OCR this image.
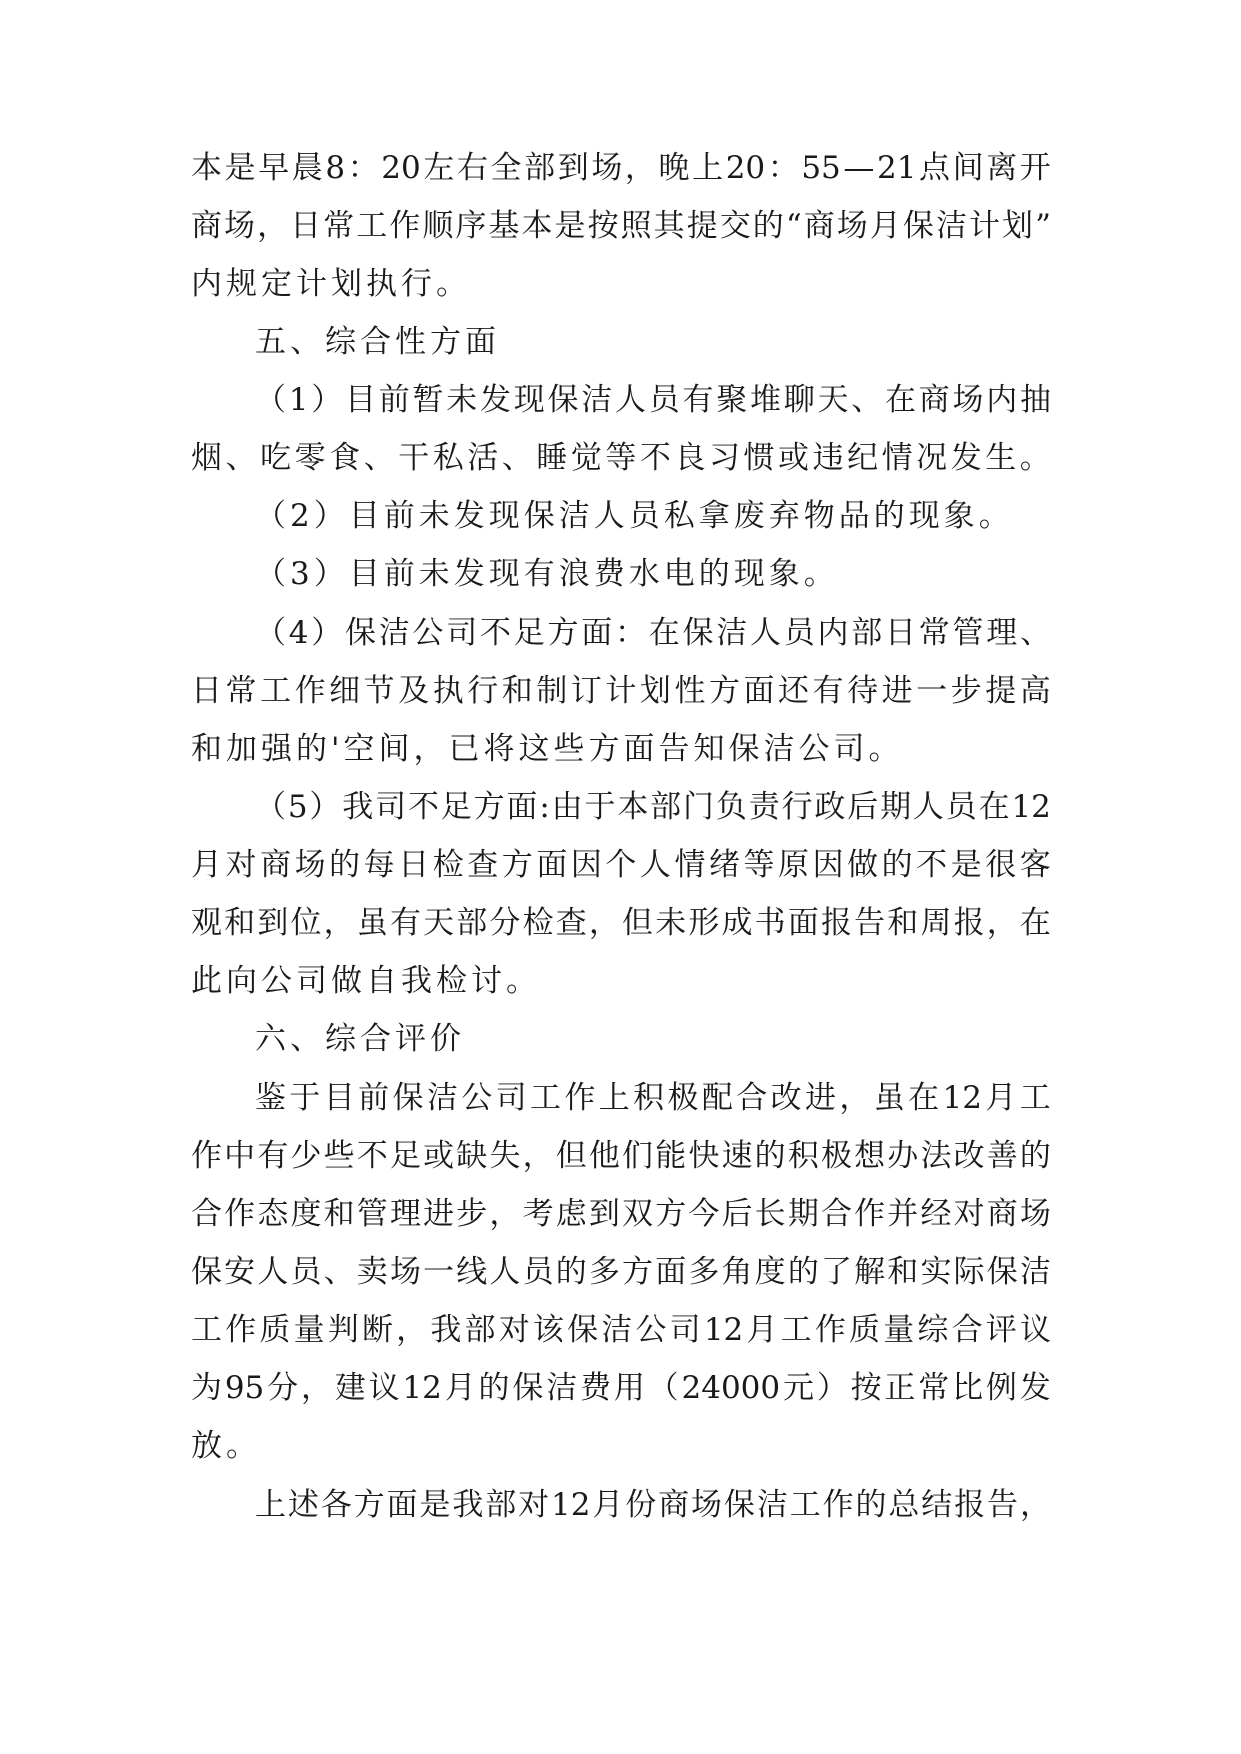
本 是 早 晨 8 ： 20 左 右 全 部 到 场 ， 晚 上 20 ： 55 — 21 点 间 离 开
商 场 ， 日 常 工 作 顺 序 基 本 是 按 照 其 提 交 的 “ 商 场 月 保 洁 计 划 ”
内规定计划执行。
五、综合性方面
（ 1 ） 目 前 暂 未 发 现 保 洁 人 员 有 聚 堆 聊 天 、 在 商 场 内 抽
烟 、 吃 零 食 、 干 私 活 、 睡 觉 等 不 良 习 惯 或 违 纪 情 况 发 生 。
（2）目前未发现保洁人员私拿废弃物品的现象。
（3）目前未发现有浪费水电的现象。
（ 4 ） 保 洁 公 司 不 足 方 面 ： 在 保 洁 人 员 内 部 日 常 管 理 、
日 常 工 作 细 节 及 执 行 和 制 订 计 划 性 方 面 还 有 待 进 一 步 提 高
和加强的'空间，已将这些方面告知保洁公司。
（ 5 ） 我 司 不 足 方 面 : 由 于 本 部 门 负 责 行 政 后 期 人 员 在 12
月 对 商 场 的 每 日 检 查 方 面 因 个 人 情 绪 等 原 因 做 的 不 是 很 客
观 和 到 位 ， 虽 有 天 部 分 检 查 ， 但 未 形 成 书 面 报 告 和 周 报 ， 在
此向公司做自我检讨。
六、综合评价
鉴 于 目 前 保 洁 公 司 工 作 上 积 极 配 合 改 进 ， 虽 在 12 月 工
作 中 有 少 些 不 足 或 缺 失 ， 但 他 们 能 快 速 的 积 极 想 办 法 改 善 的
合 作 态 度 和 管 理 进 步 ， 考 虑 到 双 方 今 后 长 期 合 作 并 经 对 商 场
保 安 人 员 、 卖 场 一 线 人 员 的 多 方 面 多 角 度 的 了 解 和 实 际 保 洁
工 作 质 量 判 断 ， 我 部 对 该 保 洁 公 司 12 月 工 作 质 量 综 合 评 议
为 95 分 ， 建 议 12 月 的 保 洁 费 用 （ 24000 元 ） 按 正 常 比 例 发
放。
上 述 各 方 面 是 我 部 对 12 月 份 商 场 保 洁 工 作 的 总 结 报 告 ，
